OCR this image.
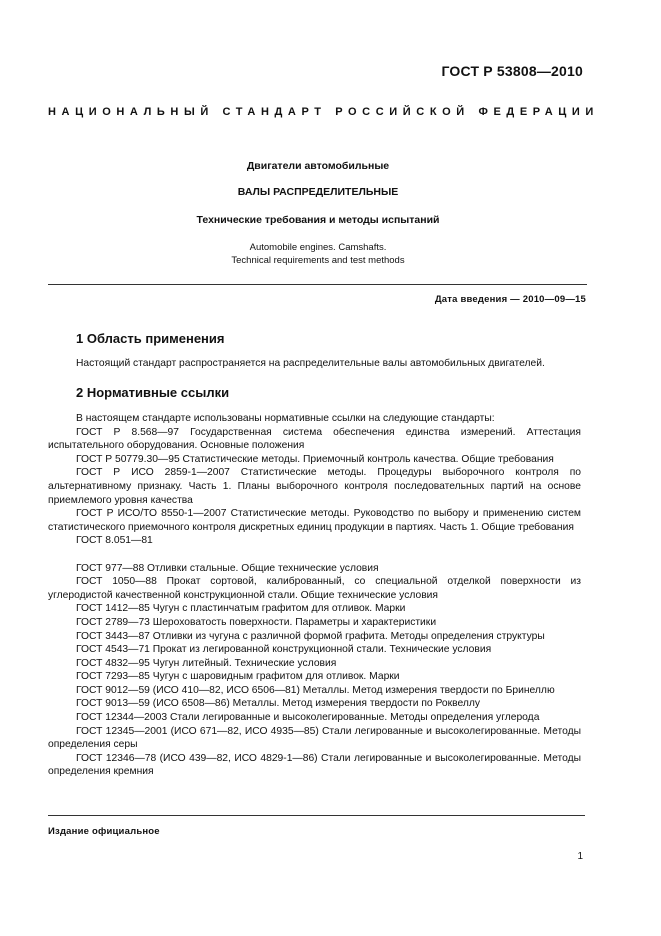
ГОСТ Р 53808—2010
НАЦИОНАЛЬНЫЙ СТАНДАРТ РОССИЙСКОЙ ФЕДЕРАЦИИ
Двигатели автомобильные
ВАЛЫ РАСПРЕДЕЛИТЕЛЬНЫЕ
Технические требования и методы испытаний
Automobile engines. Camshafts.
Technical requirements and test methods
Дата введения — 2010—09—15
1 Область применения
Настоящий стандарт распространяется на распределительные валы автомобильных двигателей.
2 Нормативные ссылки
В настоящем стандарте использованы нормативные ссылки на следующие стандарты:
ГОСТ Р 8.568—97 Государственная система обеспечения единства измерений. Аттестация испытательного оборудования. Основные положения
ГОСТ Р 50779.30—95 Статистические методы. Приемочный контроль качества. Общие требования
ГОСТ Р ИСО 2859-1—2007 Статистические методы. Процедуры выборочного контроля по альтернативному признаку. Часть 1. Планы выборочного контроля последовательных партий на основе приемлемого уровня качества
ГОСТ Р ИСО/ТО 8550-1—2007 Статистические методы. Руководство по выбору и применению систем статистического приемочного контроля дискретных единиц продукции в партиях. Часть 1. Общие требования
ГОСТ 8.051—81
ГОСТ 977—88 Отливки стальные. Общие технические условия
ГОСТ 1050—88 Прокат сортовой, калиброванный, со специальной отделкой поверхности из углеродистой качественной конструкционной стали. Общие технические условия
ГОСТ 1412—85 Чугун с пластинчатым графитом для отливок. Марки
ГОСТ 2789—73 Шероховатость поверхности. Параметры и характеристики
ГОСТ 3443—87 Отливки из чугуна с различной формой графита. Методы определения структуры
ГОСТ 4543—71 Прокат из легированной конструкционной стали. Технические условия
ГОСТ 4832—95 Чугун литейный. Технические условия
ГОСТ 7293—85 Чугун с шаровидным графитом для отливок. Марки
ГОСТ 9012—59 (ИСО 410—82, ИСО 6506—81) Металлы. Метод измерения твердости по Бринеллю
ГОСТ 9013—59 (ИСО 6508—86) Металлы. Метод измерения твердости по Роквеллу
ГОСТ 12344—2003 Стали легированные и высоколегированные. Методы определения углерода
ГОСТ 12345—2001 (ИСО 671—82, ИСО 4935—85) Стали легированные и высоколегированные. Методы определения серы
ГОСТ 12346—78 (ИСО 439—82, ИСО 4829-1—86) Стали легированные и высоколегированные. Методы определения кремния
Издание официальное
1
